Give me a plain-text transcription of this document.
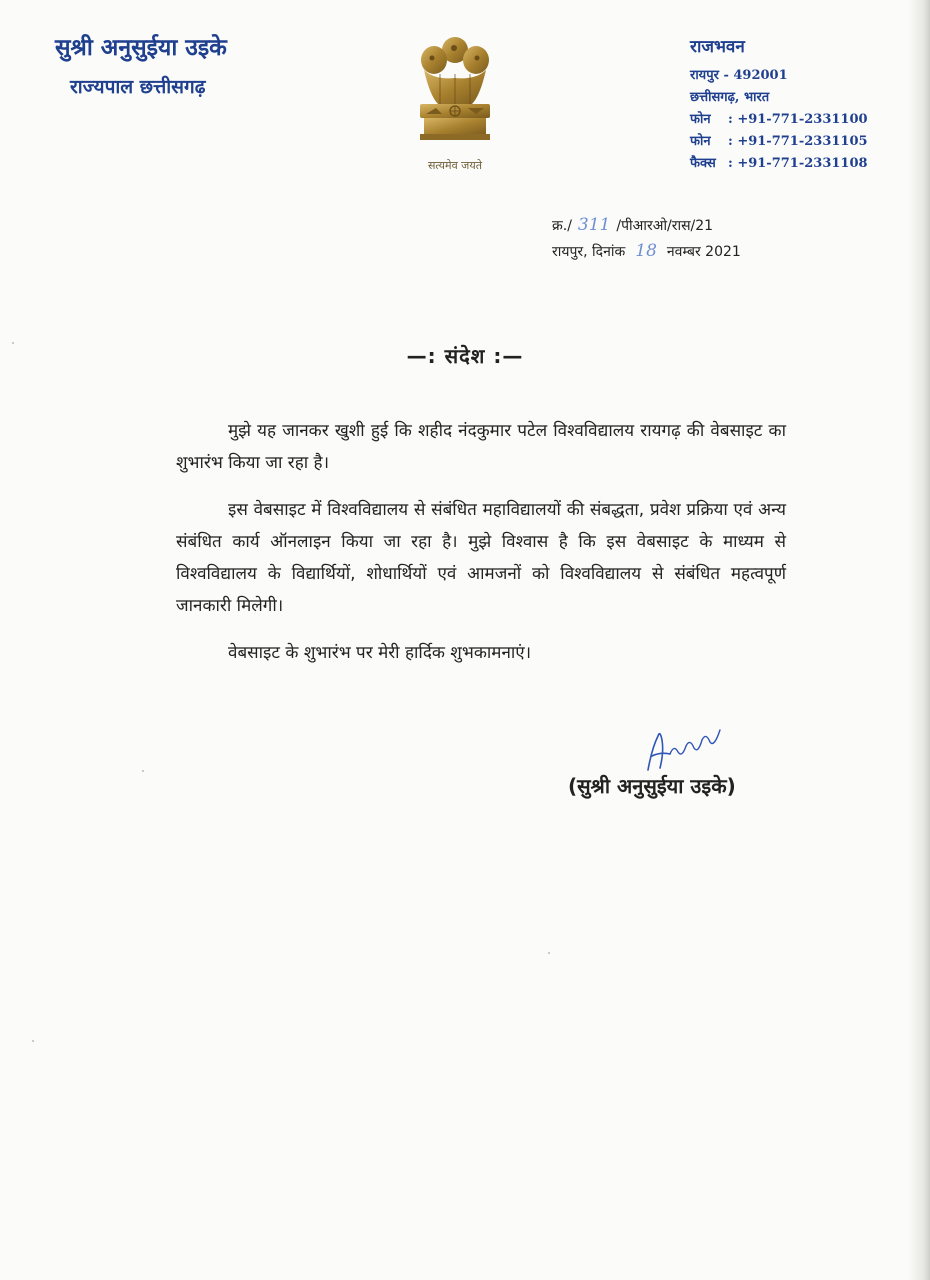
सुश्री अनुसुईया उइके
राज्यपाल छत्तीसगढ़
सत्यमेव जयते

राजभवन

रायपुर - 492001

छत्तीसगढ़, भारत

फोन : +91-771-2331100

फोन : +91-771-2331105

फैक्स : +91-771-2331108

क्र./ 311 /पीआरओ/रास/21
रायपुर, दिनांक 18 नवम्बर 2021
—: संदेश :—

मुझे यह जानकर खुशी हुई कि शहीद नंदकुमार पटेल विश्वविद्यालय रायगढ़ की वेबसाइट का शुभारंभ किया जा रहा है।

इस वेबसाइट में विश्वविद्यालय से संबंधित महाविद्यालयों की संबद्धता, प्रवेश प्रक्रिया एवं अन्य संबंधित कार्य ऑनलाइन किया जा रहा है। मुझे विश्वास है कि इस वेबसाइट के माध्यम से विश्वविद्यालय के विद्यार्थियों, शोधार्थियों एवं आमजनों को विश्वविद्यालय से संबंधित महत्वपूर्ण जानकारी मिलेगी।

वेबसाइट के शुभारंभ पर मेरी हार्दिक शुभकामनाएं।

(सुश्री अनुसुईया उइके)
